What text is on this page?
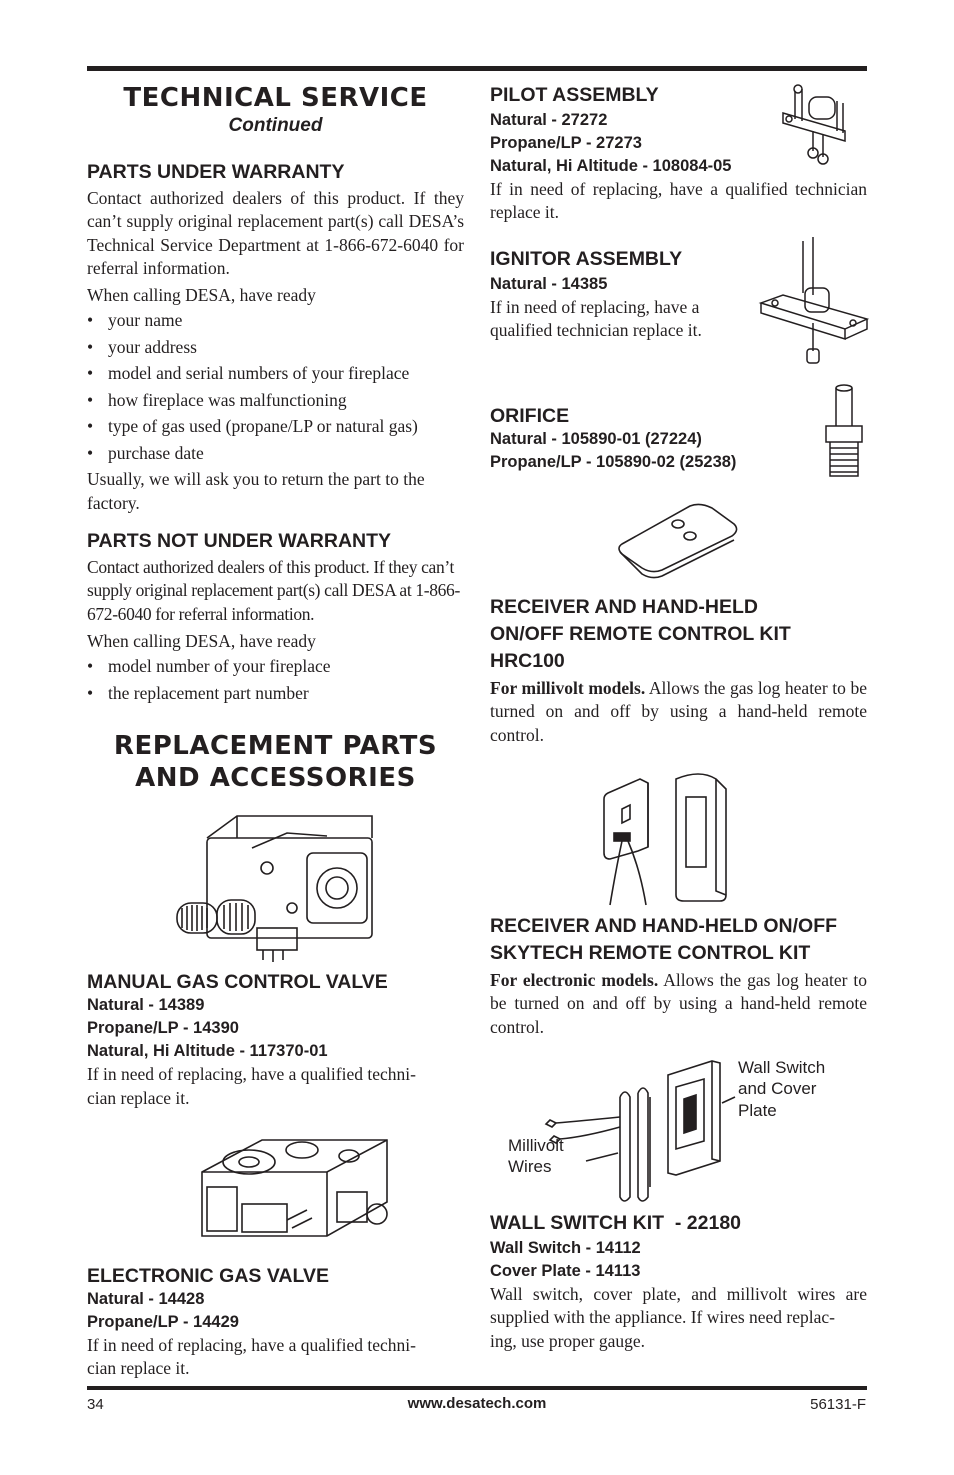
TECHNICAL SERVICE
Continued
PARTS UNDER WARRANTY

Contact authorized dealers of this product. If they can’t supply original replacement part(s) call DESA’s Technical Service Department at 1-866-672-6040 for referral information.

When calling DESA, have ready

• your name
• your address
• model and serial numbers of your fireplace
• how fireplace was malfunctioning
• type of gas used (propane/LP or natural gas)
• purchase date

Usually, we will ask you to return the part to the factory.

PARTS NOT UNDER WARRANTY

Contact authorized dealers of this product. If they can’t supply original replacement part(s) call DESA at 1-866-672-6040 for referral information.

When calling DESA, have ready

• model number of your fireplace
• the replacement part number
REPLACEMENT PARTS
AND ACCESSORIES
MANUAL GAS CONTROL VALVE
Natural - 14389
Propane/LP - 14390
Natural, Hi Altitude - 117370-01

If in need of replacing, have a qualified techni-
cian replace it.

ELECTRONIC GAS VALVE
Natural - 14428
Propane/LP - 14429

If in need of replacing, have a qualified techni-
cian replace it.

PILOT ASSEMBLY
Natural - 27272
Propane/LP - 27273
Natural, Hi Altitude - 108084-05

If in need of replacing, have a qualified technician replace it.

IGNITOR ASSEMBLY
Natural - 14385

If in need of replacing, have a
qualified technician replace it.

ORIFICE
Natural - 105890-01 (27224)
Propane/LP - 105890-02 (25238)
RECEIVER AND HAND-HELD
ON/OFF REMOTE CONTROL KIT
HRC100

For millivolt models. Allows the gas log heater to be turned on and off by using a hand-held remote control.

RECEIVER AND HAND-HELD ON/OFF
SKYTECH REMOTE CONTROL KIT

For electronic models. Allows the gas log heater to be turned on and off by using a hand-held remote control.

Wall Switch
and Cover
Plate
Millivolt
Wires
WALL SWITCH KIT  - 22180
Wall Switch - 14112
Cover Plate - 14113

Wall switch, cover plate, and millivolt wires are supplied with the appliance. If wires need replac-
ing, use proper gauge.

34	www.desatech.com	56131-F
